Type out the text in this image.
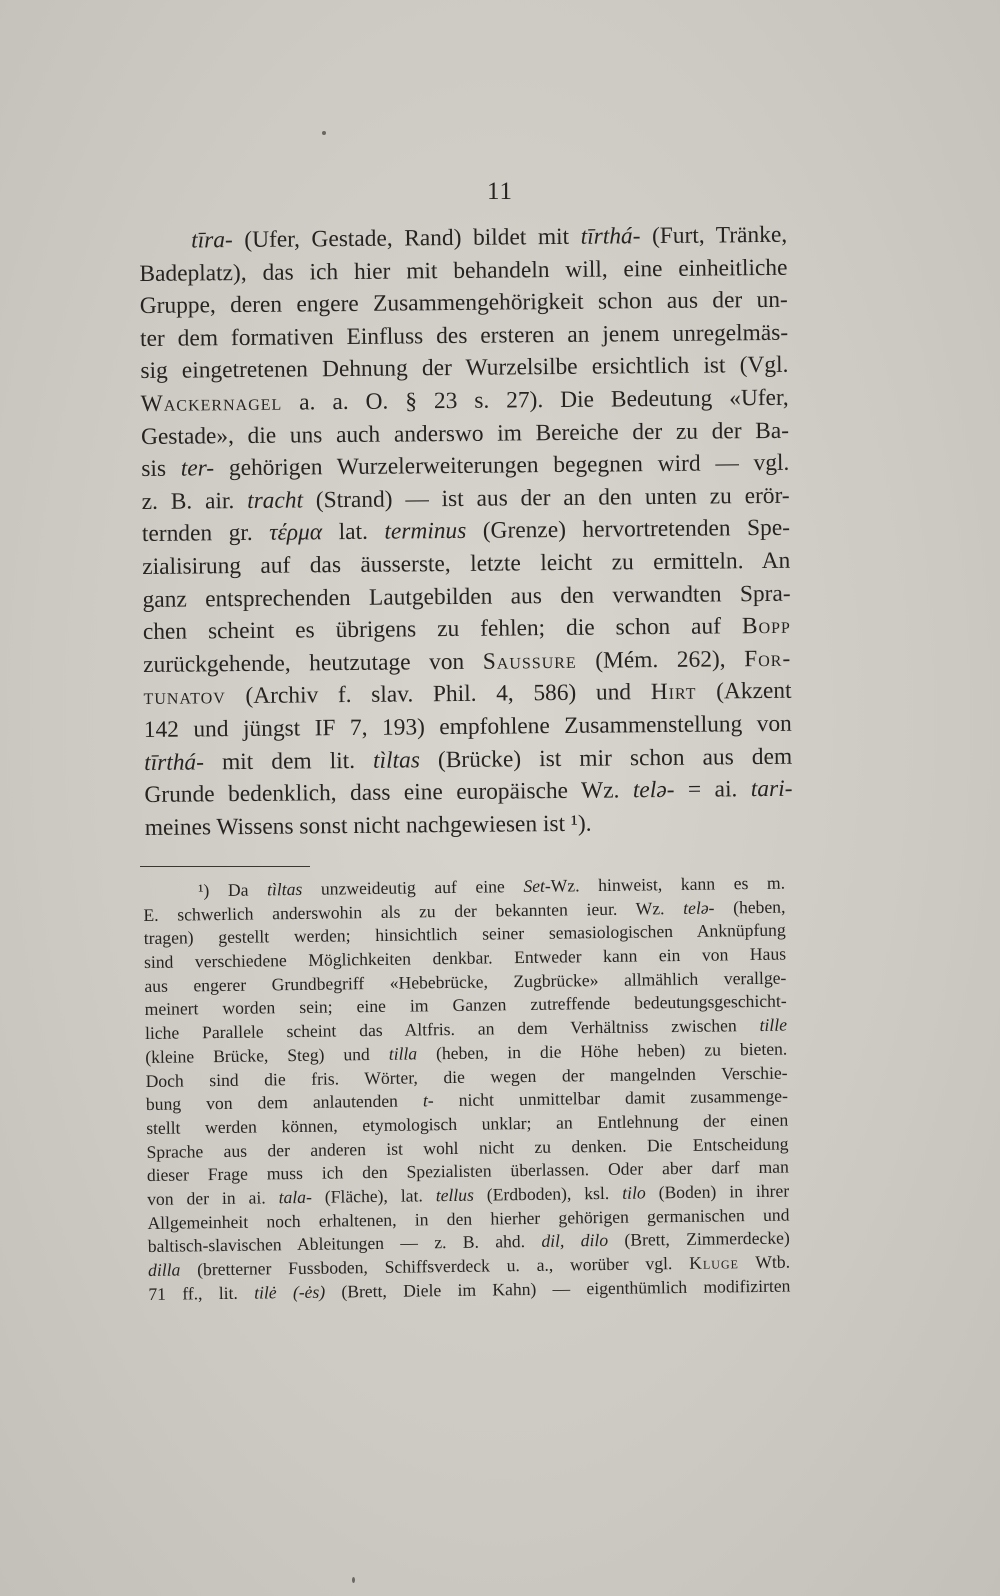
11
tīra- (Ufer, Gestade, Rand) bildet mit tīrthá- (Furt, Tränke,
Badeplatz), das ich hier mit behandeln will, eine einheitliche
Gruppe, deren engere Zusammengehörigkeit schon aus der un-
ter dem formativen Einfluss des ersteren an jenem unregelmäs-
sig eingetretenen Dehnung der Wurzelsilbe ersichtlich ist (Vgl.
Wackernagel a. a. O. § 23 s. 27). Die Bedeutung «Ufer,
Gestade», die uns auch anderswo im Bereiche der zu der Ba-
sis ter- gehörigen Wurzelerweiterungen begegnen wird — vgl.
z. B. air. tracht (Strand) — ist aus der an den unten zu erör-
ternden gr. τέρμα lat. terminus (Grenze) hervortretenden Spe-
zialisirung auf das äusserste, letzte leicht zu ermitteln. An
ganz entsprechenden Lautgebilden aus den verwandten Spra-
chen scheint es übrigens zu fehlen; die schon auf Bopp
zurückgehende, heutzutage von Saussure (Mém. 262), For-
tunatov (Archiv f. slav. Phil. 4, 586) und Hirt (Akzent
142 und jüngst IF 7, 193) empfohlene Zusammenstellung von
tīrthá- mit dem lit. tìltas (Brücke) ist mir schon aus dem
Grunde bedenklich, dass eine europäische Wz. telə- = ai. tari-
meines Wissens sonst nicht nachgewiesen ist ¹).
¹) Da tìltas unzweideutig auf eine Set-Wz. hinweist, kann es m.
E. schwerlich anderswohin als zu der bekannten ieur. Wz. telə- (heben,
tragen) gestellt werden; hinsichtlich seiner semasiologischen Anknüpfung
sind verschiedene Möglichkeiten denkbar. Entweder kann ein von Haus
aus engerer Grundbegriff «Hebebrücke, Zugbrücke» allmählich verallge-
meinert worden sein; eine im Ganzen zutreffende bedeutungsgeschicht-
liche Parallele scheint das Altfris. an dem Verhältniss zwischen tille
(kleine Brücke, Steg) und tilla (heben, in die Höhe heben) zu bieten.
Doch sind die fris. Wörter, die wegen der mangelnden Verschie-
bung von dem anlautenden t- nicht unmittelbar damit zusammenge-
stellt werden können, etymologisch unklar; an Entlehnung der einen
Sprache aus der anderen ist wohl nicht zu denken. Die Entscheidung
dieser Frage muss ich den Spezialisten überlassen. Oder aber darf man
von der in ai. tala- (Fläche), lat. tellus (Erdboden), ksl. tilo (Boden) in ihrer
Allgemeinheit noch erhaltenen, in den hierher gehörigen germanischen und
baltisch-slavischen Ableitungen — z. B. ahd. dil, dilo (Brett, Zimmerdecke)
dilla (bretterner Fussboden, Schiffsverdeck u. a., worüber vgl. Kluge Wtb.
71 ff., lit. tilė (-ės) (Brett, Diele im Kahn) — eigenthümlich modifizirten
